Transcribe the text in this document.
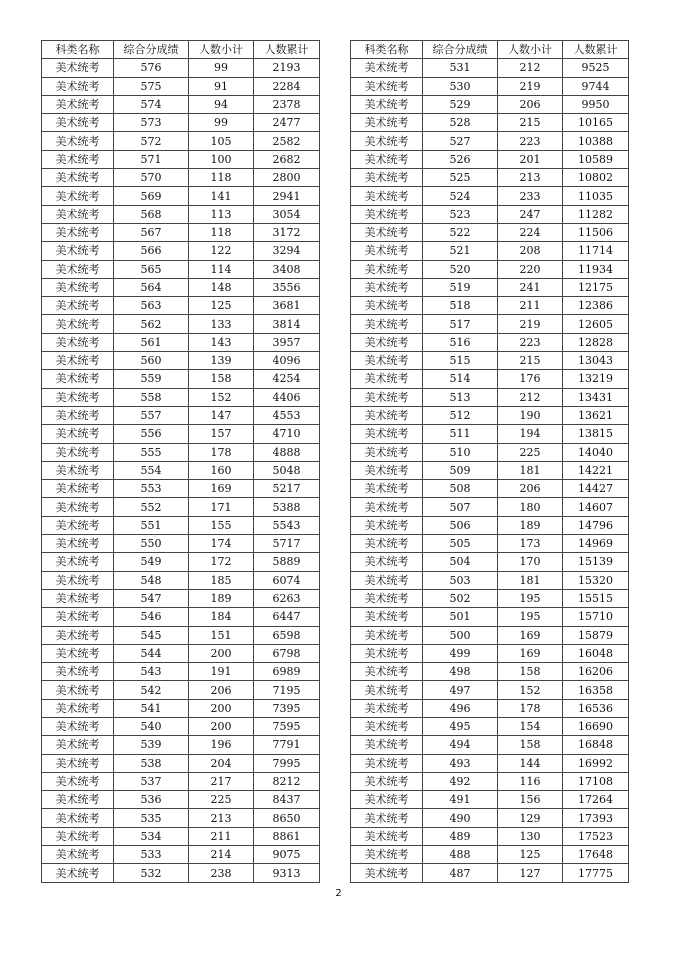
科类名称	综合分成绩	人数小计	人数累计
美术统考	576	99	2193
美术统考	575	91	2284
美术统考	574	94	2378
美术统考	573	99	2477
美术统考	572	105	2582
美术统考	571	100	2682
美术统考	570	118	2800
美术统考	569	141	2941
美术统考	568	113	3054
美术统考	567	118	3172
美术统考	566	122	3294
美术统考	565	114	3408
美术统考	564	148	3556
美术统考	563	125	3681
美术统考	562	133	3814
美术统考	561	143	3957
美术统考	560	139	4096
美术统考	559	158	4254
美术统考	558	152	4406
美术统考	557	147	4553
美术统考	556	157	4710
美术统考	555	178	4888
美术统考	554	160	5048
美术统考	553	169	5217
美术统考	552	171	5388
美术统考	551	155	5543
美术统考	550	174	5717
美术统考	549	172	5889
美术统考	548	185	6074
美术统考	547	189	6263
美术统考	546	184	6447
美术统考	545	151	6598
美术统考	544	200	6798
美术统考	543	191	6989
美术统考	542	206	7195
美术统考	541	200	7395
美术统考	540	200	7595
美术统考	539	196	7791
美术统考	538	204	7995
美术统考	537	217	8212
美术统考	536	225	8437
美术统考	535	213	8650
美术统考	534	211	8861
美术统考	533	214	9075
美术统考	532	238	9313
科类名称	综合分成绩	人数小计	人数累计
美术统考	531	212	9525
美术统考	530	219	9744
美术统考	529	206	9950
美术统考	528	215	10165
美术统考	527	223	10388
美术统考	526	201	10589
美术统考	525	213	10802
美术统考	524	233	11035
美术统考	523	247	11282
美术统考	522	224	11506
美术统考	521	208	11714
美术统考	520	220	11934
美术统考	519	241	12175
美术统考	518	211	12386
美术统考	517	219	12605
美术统考	516	223	12828
美术统考	515	215	13043
美术统考	514	176	13219
美术统考	513	212	13431
美术统考	512	190	13621
美术统考	511	194	13815
美术统考	510	225	14040
美术统考	509	181	14221
美术统考	508	206	14427
美术统考	507	180	14607
美术统考	506	189	14796
美术统考	505	173	14969
美术统考	504	170	15139
美术统考	503	181	15320
美术统考	502	195	15515
美术统考	501	195	15710
美术统考	500	169	15879
美术统考	499	169	16048
美术统考	498	158	16206
美术统考	497	152	16358
美术统考	496	178	16536
美术统考	495	154	16690
美术统考	494	158	16848
美术统考	493	144	16992
美术统考	492	116	17108
美术统考	491	156	17264
美术统考	490	129	17393
美术统考	489	130	17523
美术统考	488	125	17648
美术统考	487	127	17775
2
